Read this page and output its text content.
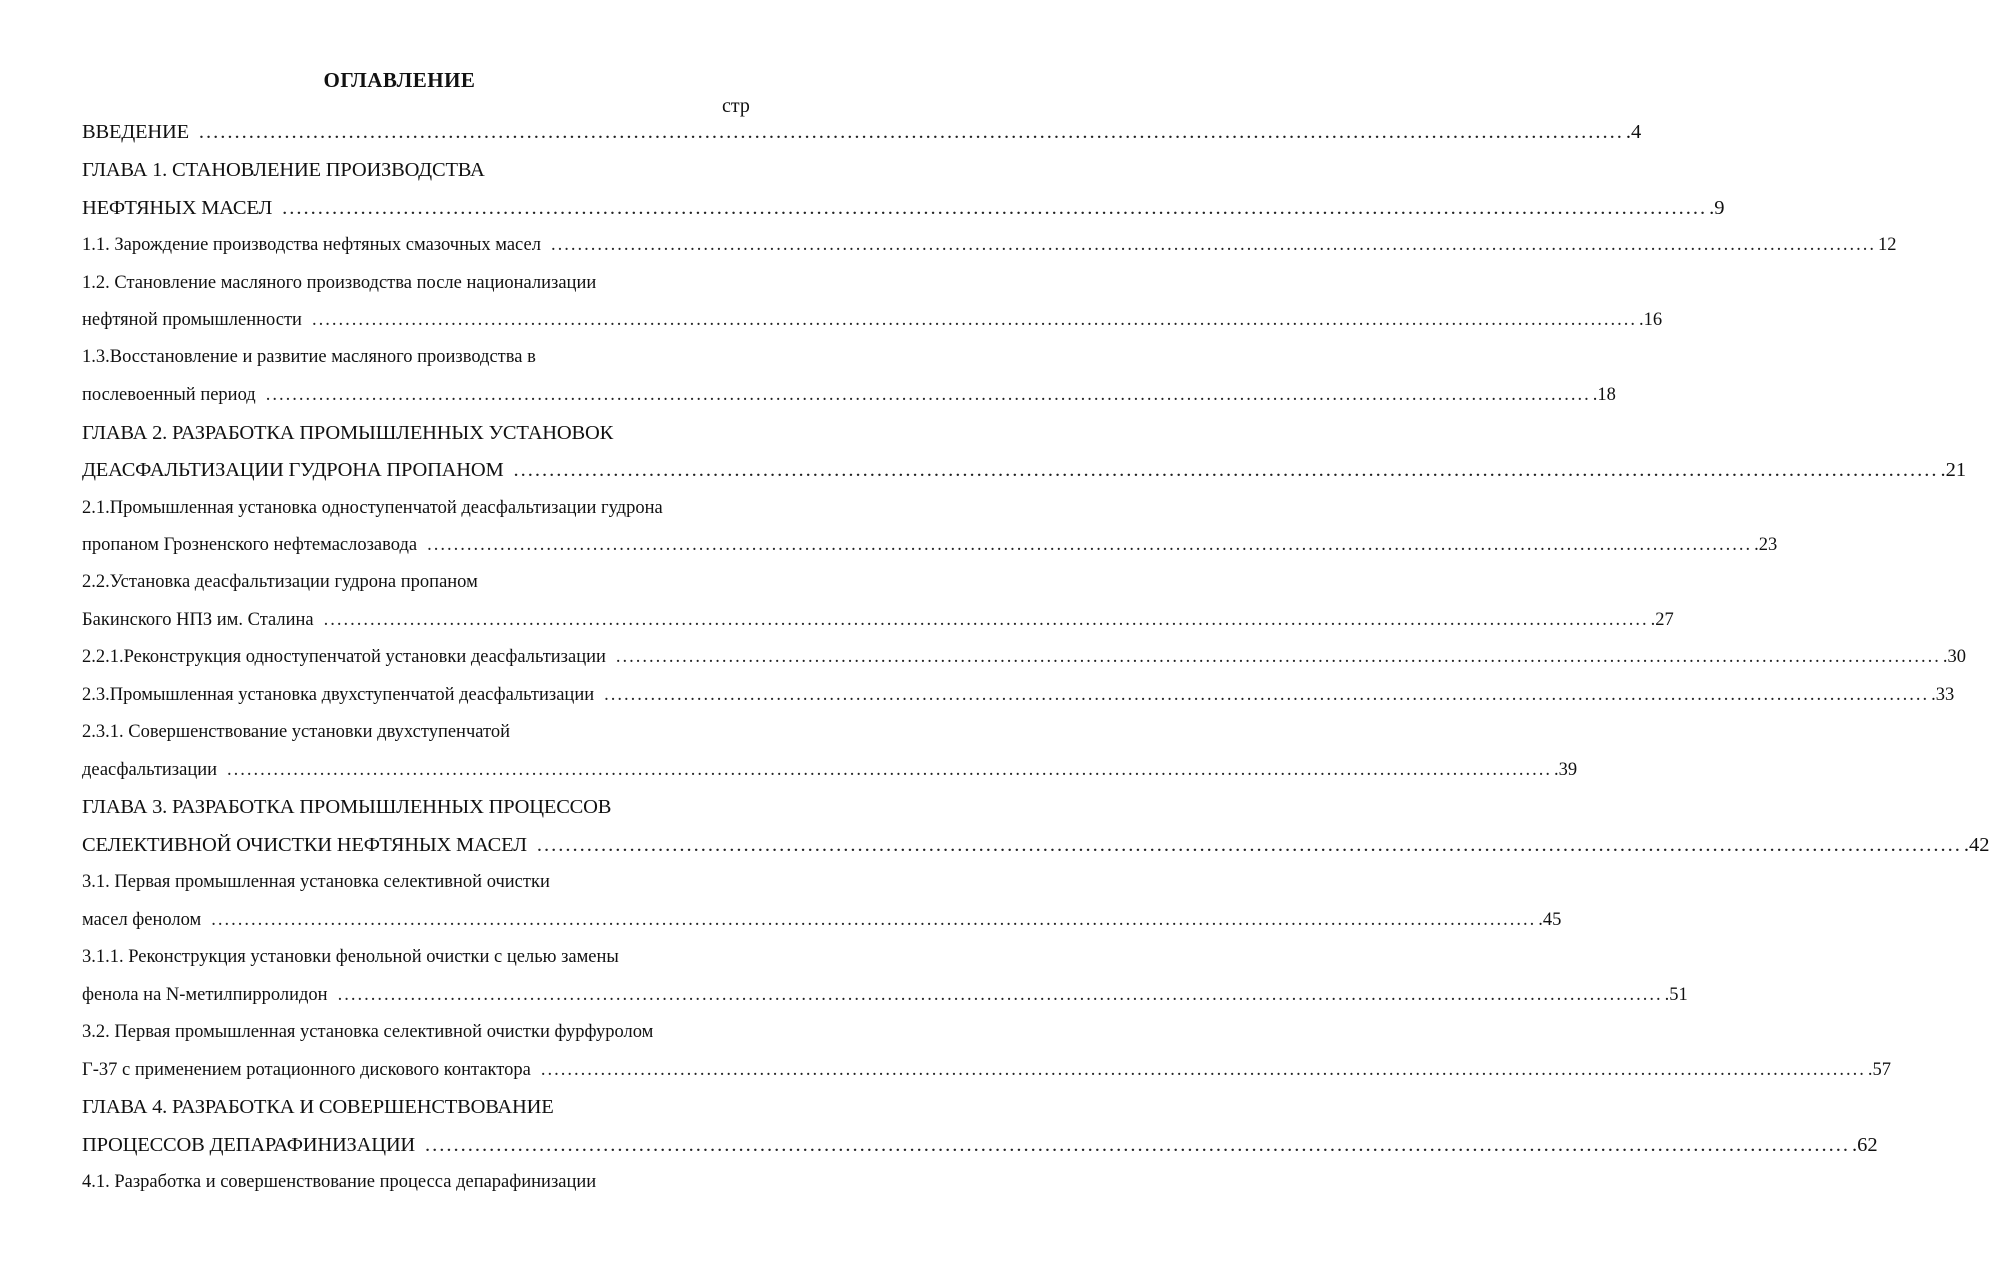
ОГЛАВЛЕНИЕ
стр
ВВЕДЕНИЕ ........................................................................................................................................................................................................ .4
ГЛАВА 1. СТАНОВЛЕНИЕ ПРОИЗВОДСТВА
НЕФТЯНЫХ МАСЕЛ ........................................................................................................................................................................................................ .9
1.1. Зарождение производства нефтяных смазочных масел ........................................................................................................................................................................................................ 12
1.2. Становление масляного производства после национализации
нефтяной промышленности ........................................................................................................................................................................................................ .16
1.3.Восстановление и развитие масляного производства в
послевоенный период ........................................................................................................................................................................................................ .18
ГЛАВА 2. РАЗРАБОТКА ПРОМЫШЛЕННЫХ УСТАНОВОК
ДЕАСФАЛЬТИЗАЦИИ ГУДРОНА ПРОПАНОМ ........................................................................................................................................................................................................ .21
2.1.Промышленная установка одноступенчатой деасфальтизации гудрона
пропаном Грозненского нефтемаслозавода ........................................................................................................................................................................................................ .23
2.2.Установка деасфальтизации гудрона пропаном
Бакинского НПЗ им. Сталина ........................................................................................................................................................................................................ .27
2.2.1.Реконструкция одноступенчатой установки деасфальтизации ........................................................................................................................................................................................................ .30
2.3.Промышленная установка двухступенчатой деасфальтизации ........................................................................................................................................................................................................ .33
2.3.1. Совершенствование установки двухступенчатой
деасфальтизации ........................................................................................................................................................................................................ .39
ГЛАВА 3. РАЗРАБОТКА ПРОМЫШЛЕННЫХ ПРОЦЕССОВ
СЕЛЕКТИВНОЙ ОЧИСТКИ НЕФТЯНЫХ МАСЕЛ ........................................................................................................................................................................................................ .42
3.1. Первая промышленная установка селективной очистки
масел фенолом ........................................................................................................................................................................................................ .45
3.1.1. Реконструкция установки фенольной очистки с целью замены
фенола на N-метилпирролидон ........................................................................................................................................................................................................ .51
3.2. Первая промышленная установка селективной очистки фурфуролом
Г-37 с применением ротационного дискового контактора ........................................................................................................................................................................................................ .57
ГЛАВА 4. РАЗРАБОТКА И СОВЕРШЕНСТВОВАНИЕ
ПРОЦЕССОВ ДЕПАРАФИНИЗАЦИИ ........................................................................................................................................................................................................ .62
4.1. Разработка и совершенствование процесса депарафинизации
